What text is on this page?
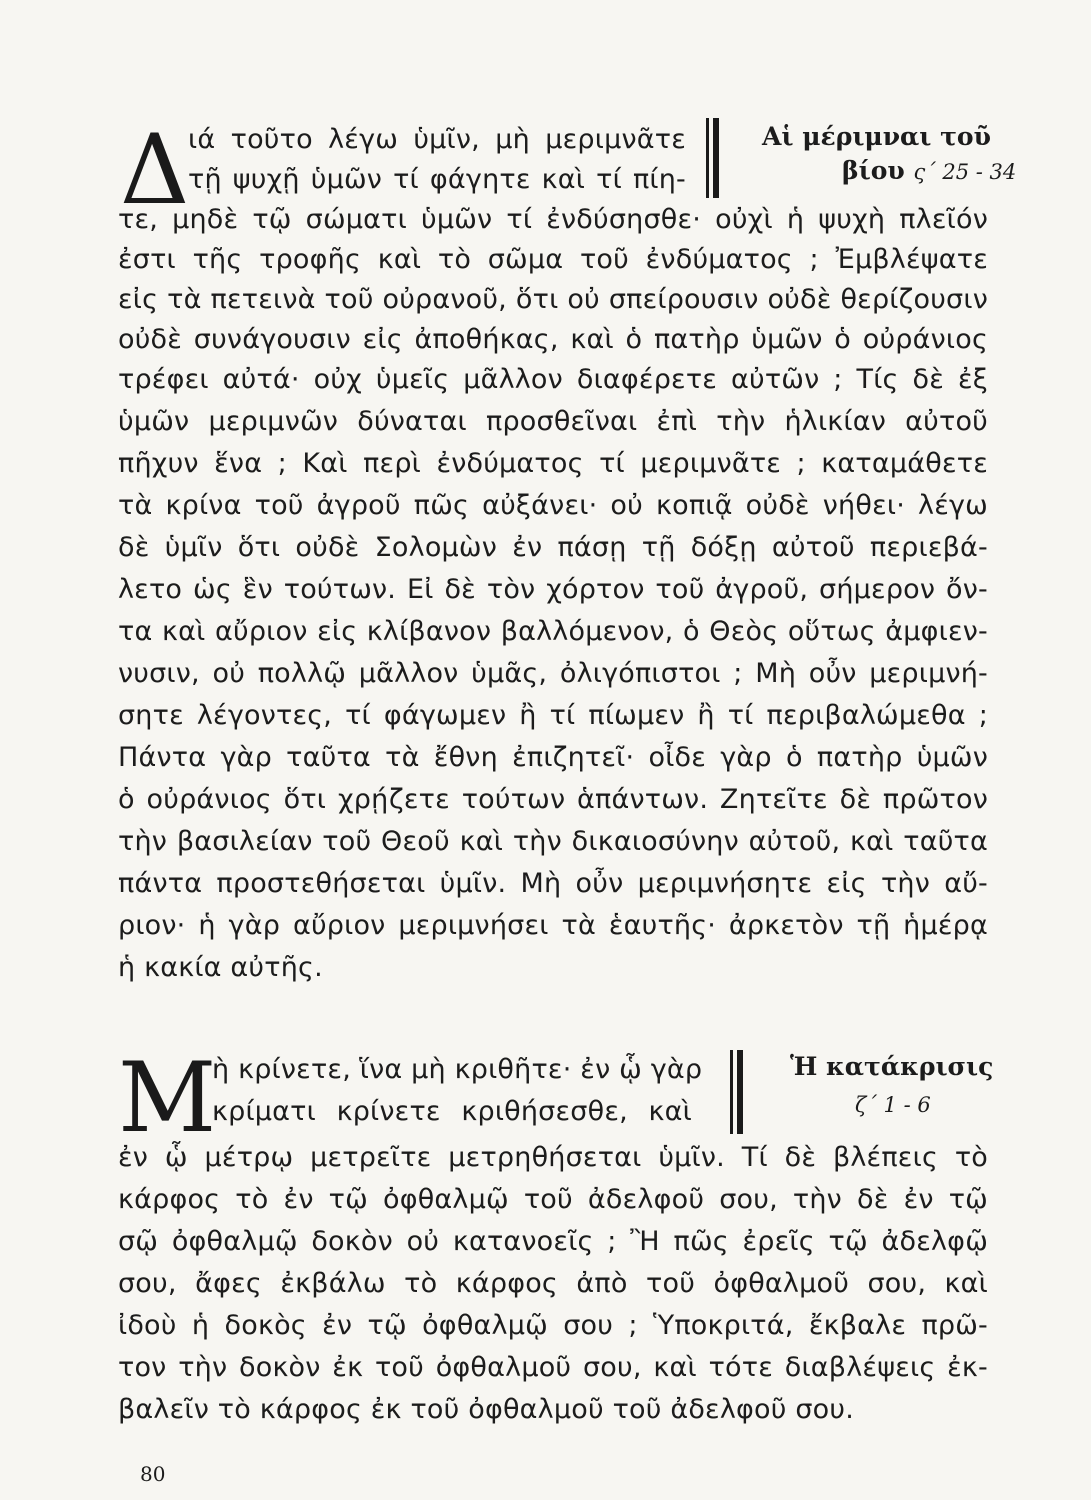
Δ
ιά τοῦτο λέγω ὑμῖν, μὴ μεριμνᾶτε
τῇ ψυχῇ ὑμῶν τί φάγητε καὶ τί πίη-
Αἱ μέριμναι τοῦ
βίου ς΄ 25 - 34
τε, μηδὲ τῷ σώματι ὑμῶν τί ἐνδύσησθε· οὐχὶ ἡ ψυχὴ πλεῖόν
ἐστι τῆς τροφῆς καὶ τὸ σῶμα τοῦ ἐνδύματος ; Ἐμβλέψατε
εἰς τὰ πετεινὰ τοῦ οὐρανοῦ, ὅτι οὐ σπείρουσιν οὐδὲ θερίζουσιν
οὐδὲ συνάγουσιν εἰς ἀποθήκας, καὶ ὁ πατὴρ ὑμῶν ὁ οὐράνιος
τρέφει αὐτά· οὐχ ὑμεῖς μᾶλλον διαφέρετε αὐτῶν ; Τίς δὲ ἐξ
ὑμῶν μεριμνῶν δύναται προσθεῖναι ἐπὶ τὴν ἡλικίαν αὐτοῦ
πῆχυν ἕνα ; Καὶ περὶ ἐνδύματος τί μεριμνᾶτε ; καταμάθετε
τὰ κρίνα τοῦ ἀγροῦ πῶς αὐξάνει· οὐ κοπιᾷ οὐδὲ νήθει· λέγω
δὲ ὑμῖν ὅτι οὐδὲ Σολομὼν ἐν πάσῃ τῇ δόξῃ αὐτοῦ περιεβά-
λετο ὡς ἓν τούτων. Εἰ δὲ τὸν χόρτον τοῦ ἀγροῦ, σήμερον ὄν-
τα καὶ αὔριον εἰς κλίβανον βαλλόμενον, ὁ Θεὸς οὕτως ἀμφιεν-
νυσιν, οὐ πολλῷ μᾶλλον ὑμᾶς, ὀλιγόπιστοι ; Μὴ οὖν μεριμνή-
σητε λέγοντες, τί φάγωμεν ἢ τί πίωμεν ἢ τί περιβαλώμεθα ;
Πάντα γὰρ ταῦτα τὰ ἔθνη ἐπιζητεῖ· οἶδε γὰρ ὁ πατὴρ ὑμῶν
ὁ οὐράνιος ὅτι χρῄζετε τούτων ἁπάντων. Ζητεῖτε δὲ πρῶτον
τὴν βασιλείαν τοῦ Θεοῦ καὶ τὴν δικαιοσύνην αὐτοῦ, καὶ ταῦτα
πάντα προστεθήσεται ὑμῖν. Μὴ οὖν μεριμνήσητε εἰς τὴν αὔ-
ριον· ἡ γὰρ αὔριον μεριμνήσει τὰ ἑαυτῆς· ἀρκετὸν τῇ ἡμέρᾳ
ἡ κακία αὐτῆς.
Μ
ὴ κρίνετε, ἵνα μὴ κριθῆτε· ἐν ᾧ γὰρ
κρίματι κρίνετε κριθήσεσθε, καὶ
Ἡ κατάκρισις
ζ΄ 1 - 6
ἐν ᾧ μέτρῳ μετρεῖτε μετρηθήσεται ὑμῖν. Τί δὲ βλέπεις τὸ
κάρφος τὸ ἐν τῷ ὀφθαλμῷ τοῦ ἀδελφοῦ σου, τὴν δὲ ἐν τῷ
σῷ ὀφθαλμῷ δοκὸν οὐ κατανοεῖς ; Ἢ πῶς ἐρεῖς τῷ ἀδελφῷ
σου, ἄφες ἐκβάλω τὸ κάρφος ἀπὸ τοῦ ὀφθαλμοῦ σου, καὶ
ἰδοὺ ἡ δοκὸς ἐν τῷ ὀφθαλμῷ σου ; Ὑποκριτά, ἔκβαλε πρῶ-
τον τὴν δοκὸν ἐκ τοῦ ὀφθαλμοῦ σου, καὶ τότε διαβλέψεις ἐκ-
βαλεῖν τὸ κάρφος ἐκ τοῦ ὀφθαλμοῦ τοῦ ἀδελφοῦ σου.
80
